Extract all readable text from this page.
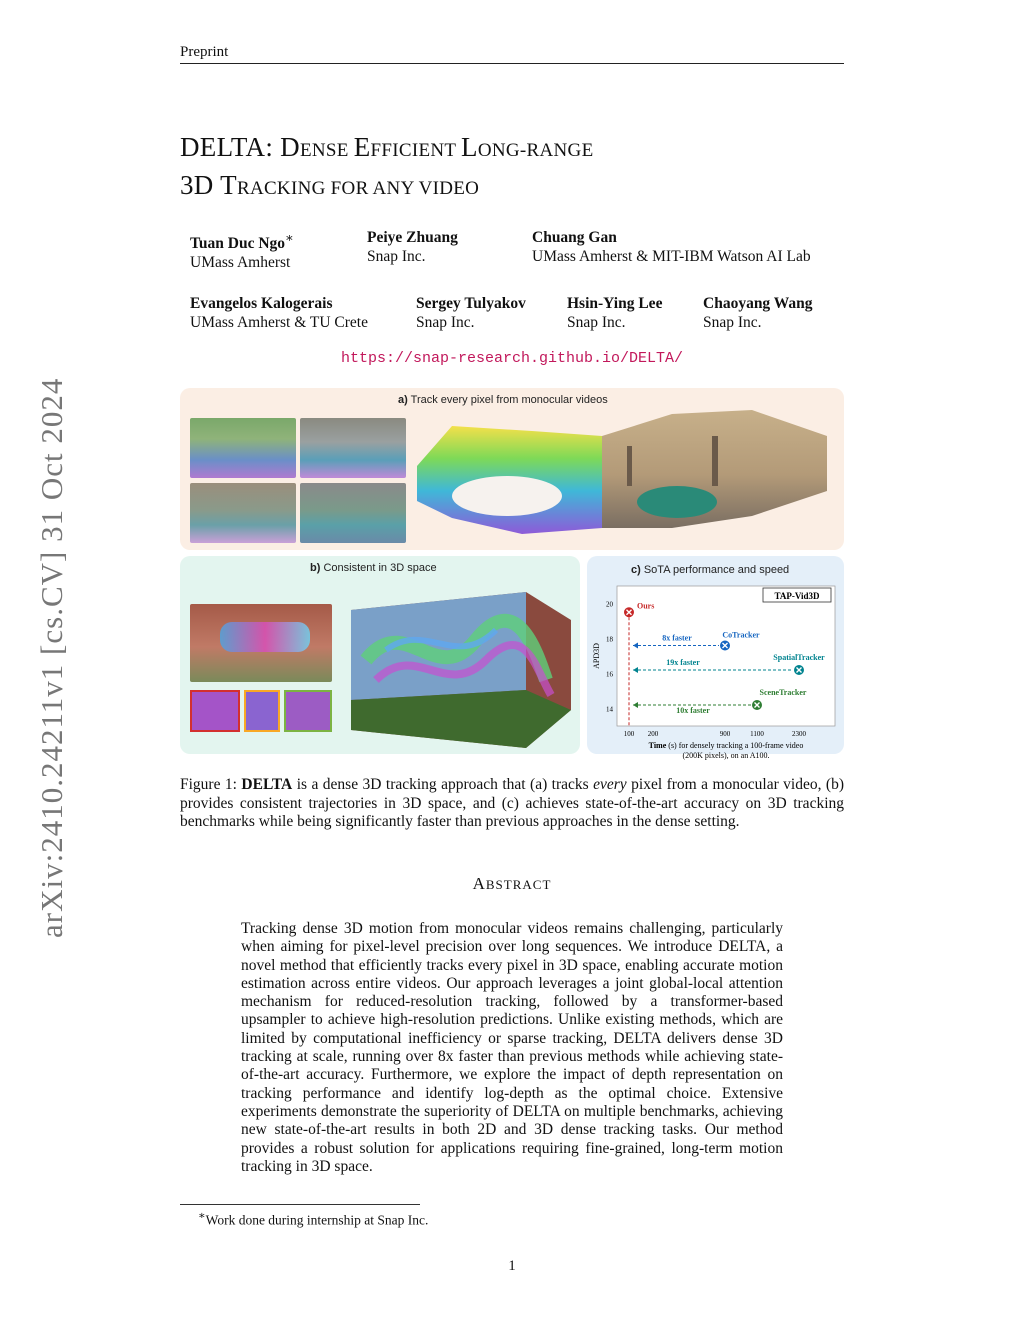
Preprint
arXiv:2410.24211v1 [cs.CV] 31 Oct 2024
DELTA: DENSE EFFICIENT LONG-RANGE
3D TRACKING FOR ANY VIDEO
Tuan Duc Ngo∗
UMass Amherst
Peiye Zhuang
Snap Inc.
Chuang Gan
UMass Amherst & MIT-IBM Watson AI Lab
Evangelos Kalogerais
UMass Amherst & TU Crete
Sergey Tulyakov
Snap Inc.
Hsin-Ying Lee
Snap Inc.
Chaoyang Wang
Snap Inc.
https://snap-research.github.io/DELTA/
a) Track every pixel from monocular videos
b) Consistent in 3D space	c) SoTA performance and speed
TAP-Vid3D
14
16
18
20
100 200	900	1100	2300
APD3D
Time (s) for densely tracking a 100-frame video
(200K pixels), on an A100.
8x faster
19x faster
10x faster
Ours
CoTracker
SpatialTracker
SceneTracker
Figure 1: DELTA is a dense 3D tracking approach that (a) tracks every pixel from a monocular video, (b) provides consistent trajectories in 3D space, and (c) achieves state-of-the-art accuracy on 3D tracking benchmarks while being significantly faster than previous approaches in the dense setting.
ABSTRACT
Tracking dense 3D motion from monocular videos remains challenging, particularly when aiming for pixel-level precision over long sequences. We introduce DELTA, a novel method that efficiently tracks every pixel in 3D space, enabling accurate motion estimation across entire videos. Our approach leverages a joint global-local attention mechanism for reduced-resolution tracking, followed by a transformer-based upsampler to achieve high-resolution predictions. Unlike existing methods, which are limited by computational inefficiency or sparse tracking, DELTA delivers dense 3D tracking at scale, running over 8x faster than previous methods while achieving state-of-the-art accuracy. Furthermore, we explore the impact of depth representation on tracking performance and identify log-depth as the optimal choice. Extensive experiments demonstrate the superiority of DELTA on multiple benchmarks, achieving new state-of-the-art results in both 2D and 3D dense tracking tasks. Our method provides a robust solution for applications requiring fine-grained, long-term motion tracking in 3D space.
∗Work done during internship at Snap Inc.
1
